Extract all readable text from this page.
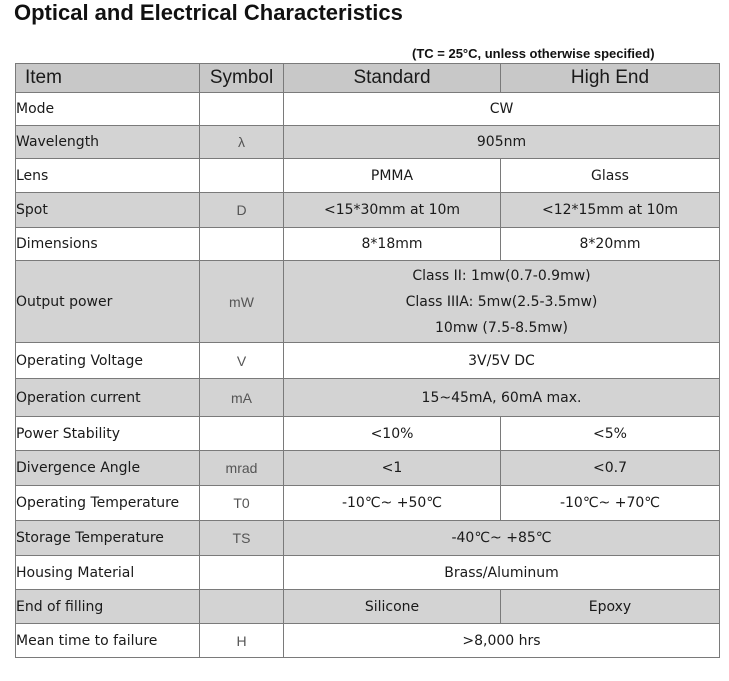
Optical and Electrical Characteristics
(TC = 25°C, unless otherwise specified)
Item	Symbol	Standard	High End
Mode		CW	
Wavelength	λ	905nm	
Lens		PMMA	Glass
Spot	D	<15*30mm at 10m	<12*15mm at 10m
Dimensions		8*18mm	8*20mm
Output power	mW	Class II: 1mw(0.7-0.9mw)
Class IIIA: 5mw(2.5-3.5mw)
10mw (7.5-8.5mw)	

Operating Voltage	V	3V/5V DC	
Operation current	mA	15~45mA, 60mA max.	
Power Stability		<10%	<5%
Divergence Angle	mrad	<1	<0.7
Operating Temperature	T0	-10℃~ +50℃	-10℃~ +70℃
Storage Temperature	TS	-40℃~ +85℃	
Housing Material		Brass/Aluminum	
End of filling		Silicone	Epoxy
Mean time to failure	H	>8,000 hrs	
